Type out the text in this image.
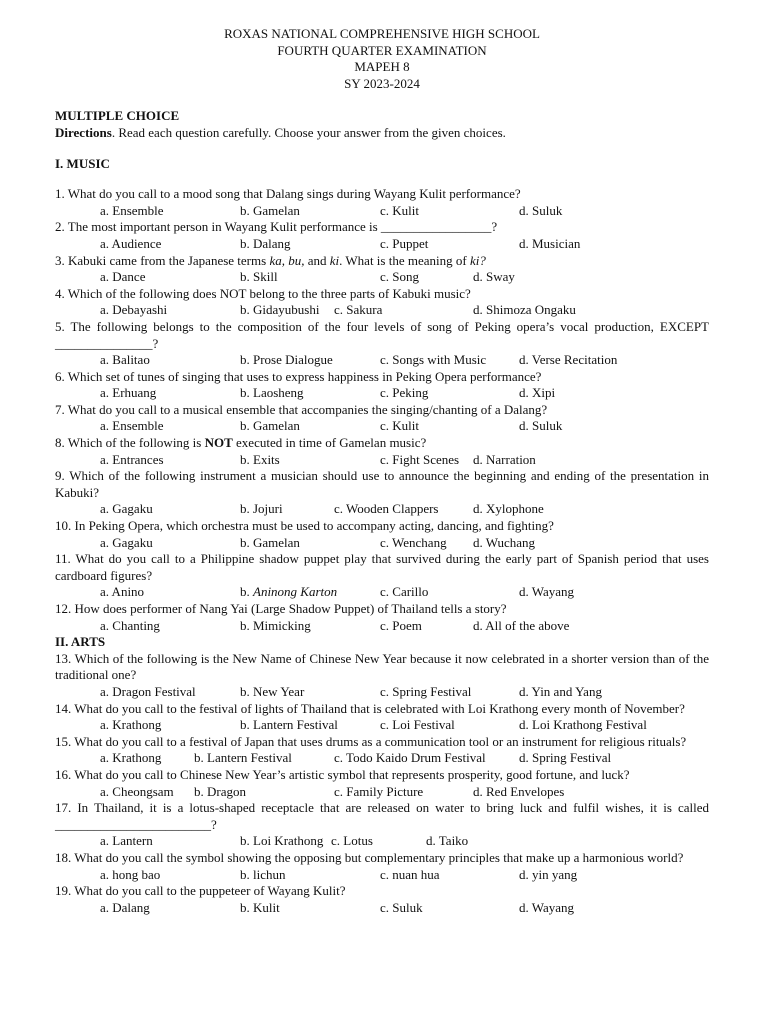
ROXAS NATIONAL COMPREHENSIVE HIGH SCHOOL
FOURTH QUARTER EXAMINATION
MAPEH 8
SY 2023-2024
MULTIPLE CHOICE
Directions. Read each question carefully. Choose your answer from the given choices.
I. MUSIC
1. What do you call to a mood song that Dalang sings during Wayang Kulit performance?
a. Ensemble	b. Gamelan	c. Kulit	d. Suluk
2. The most important person in Wayang Kulit performance is _________________?
a. Audience	b. Dalang	c. Puppet	d. Musician
3. Kabuki came from the Japanese terms ka, bu, and ki. What is the meaning of ki?
a. Dance	b. Skill	c. Song	d. Sway
4. Which of the following does NOT belong to the three parts of Kabuki music?
a. Debayashi	b. Gidayubushi c. Sakura	d. Shimoza Ongaku
5. The following belongs to the composition of the four levels of song of Peking opera’s vocal production, EXCEPT _______________?
a. Balitao	b. Prose Dialogue	c. Songs with Music	d. Verse Recitation
6. Which set of tunes of singing that uses to express happiness in Peking Opera performance?
a. Erhuang	b. Laosheng	c. Peking	d. Xipi
7. What do you call to a musical ensemble that accompanies the singing/chanting of a Dalang?
a. Ensemble	b. Gamelan	c. Kulit	d. Suluk
8. Which of the following is NOT executed in time of Gamelan music?
a. Entrances	b. Exits	c. Fight Scenes d. Narration
9. Which of the following instrument a musician should use to announce the beginning and ending of the presentation in Kabuki?
a. Gagaku	b. Jojuri	c. Wooden Clappers	d. Xylophone
10. In Peking Opera, which orchestra must be used to accompany acting, dancing, and fighting?
a. Gagaku	b. Gamelan	c. Wenchang d. Wuchang
11. What do you call to a Philippine shadow puppet play that survived during the early part of Spanish period that uses cardboard figures?
a. Anino	b. Aninong Karton	c. Carillo	d. Wayang
12. How does performer of Nang Yai (Large Shadow Puppet) of Thailand tells a story?
a. Chanting	b. Mimicking	c. Poem	d. All of the above
II. ARTS
13. Which of the following is the New Name of Chinese New Year because it now celebrated in a shorter version than of the traditional one?
a. Dragon Festival	b. New Year	c. Spring Festival	d. Yin and Yang
14. What do you call to the festival of lights of Thailand that is celebrated with Loi Krathong every month of November?
a. Krathong	b. Lantern Festival	c. Loi Festival	d. Loi Krathong Festival
15. What do you call to a festival of Japan that uses drums as a communication tool or an instrument for religious rituals?
a. Krathong	b. Lantern Festival	c. Todo Kaido Drum Festival	d. Spring Festival
16. What do you call to Chinese New Year’s artistic symbol that represents prosperity, good fortune, and luck?
a. Cheongsam b. Dragon	c. Family Picture	d. Red Envelopes
17. In Thailand, it is a lotus-shaped receptacle that are released on water to bring luck and fulfil wishes, it is called ________________________?
a. Lantern	b. Loi Krathong c. Lotus	d. Taiko
18. What do you call the symbol showing the opposing but complementary principles that make up a harmonious world?
a. hong bao	b. lichun	c. nuan hua	d. yin yang
19. What do you call to the puppeteer of Wayang Kulit?
a. Dalang	b. Kulit	c. Suluk	d. Wayang
